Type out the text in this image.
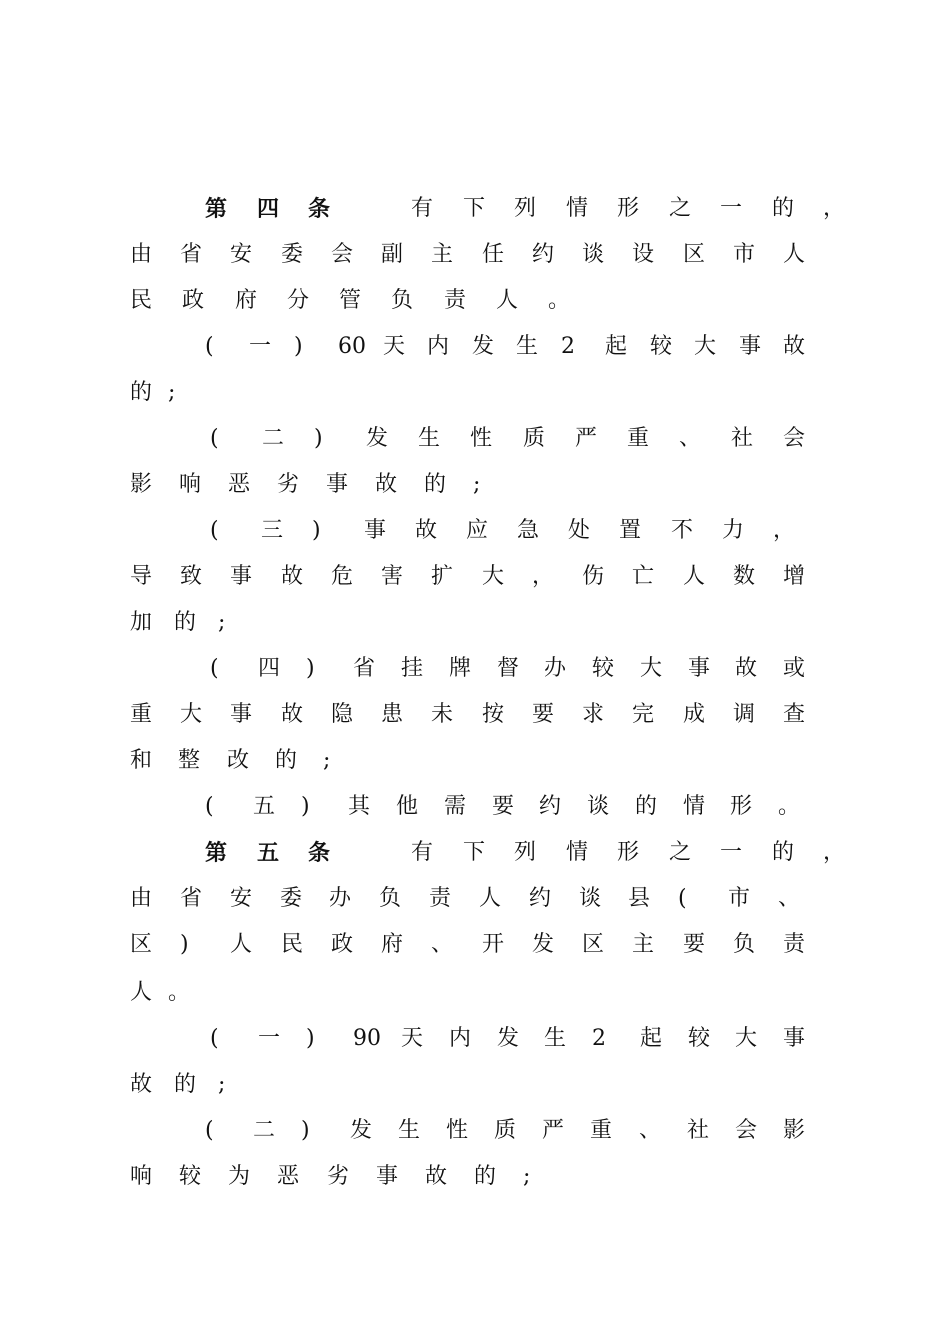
第 四 条	有 下 列 情 形 之 一 的 ，
由 省 安 委 会 副 主 任 约 谈 设 区 市 人
民 政 府 分 管 负 责 人 。
( 一 ) 60 天 内 发 生 2 起 较 大 事 故
的 ;
( 二 ) 发 生 性 质 严 重 、 社 会
影 响 恶 劣 事 故 的 ;
( 三 ) 事 故 应 急 处 置 不 力 ，
导 致 事 故 危 害 扩 大 ， 伤 亡 人 数 增
加 的 ;
( 四 ) 省 挂 牌 督 办 较 大 事 故 或
重 大 事 故 隐 患 未 按 要 求 完 成 调 查
和 整 改 的 ;
( 五 ) 其 他 需 要 约 谈 的 情 形 。
第 五 条	有 下 列 情 形 之 一 的 ，
由 省 安 委 办 负 责 人 约 谈 县 ( 市 、
区 ) 人 民 政 府 、 开 发 区 主 要 负 责
人 。
( 一 ) 90 天 内 发 生 2 起 较 大 事
故 的 ;
( 二 ) 发 生 性 质 严 重 、 社 会 影
响 较 为 恶 劣 事 故 的 ;
